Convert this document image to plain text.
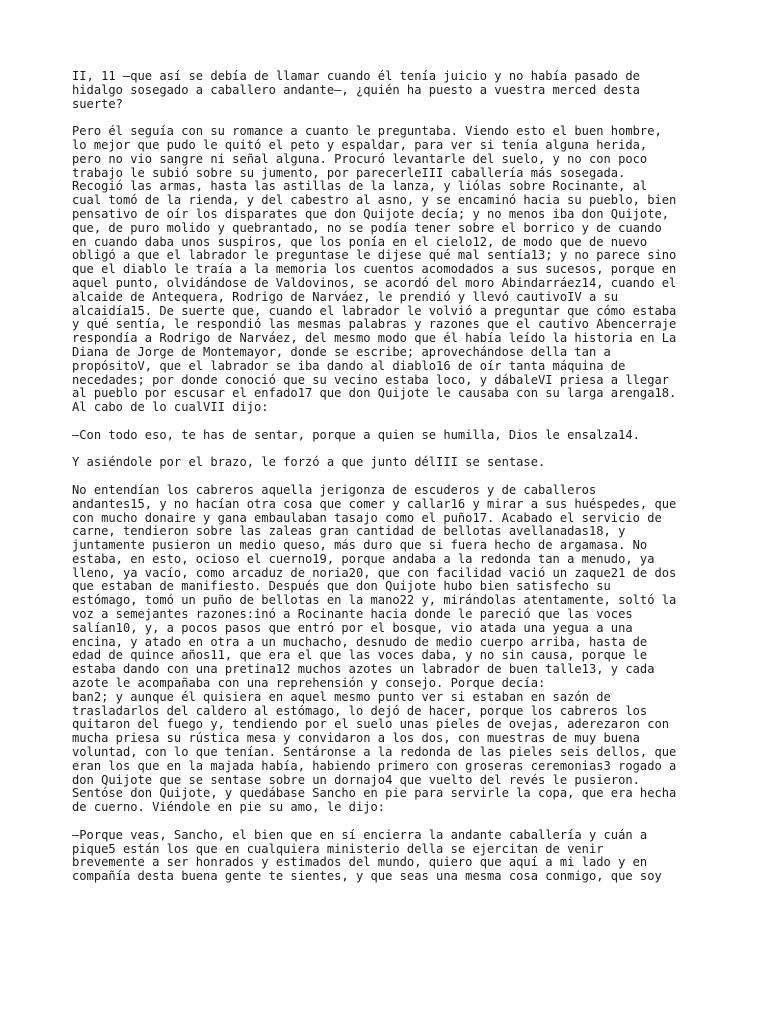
II, 11 —que así se debía de llamar cuando él tenía juicio y no había pasado de
hidalgo sosegado a caballero andante—, ¿quién ha puesto a vuestra merced desta
suerte?
Pero él seguía con su romance a cuanto le preguntaba. Viendo esto el buen hombre,
lo mejor que pudo le quitó el peto y espaldar, para ver si tenía alguna herida,
pero no vio sangre ni señal alguna. Procuró levantarle del suelo, y no con poco
trabajo le subió sobre su jumento, por parecerleIII caballería más sosegada.
Recogió las armas, hasta las astillas de la lanza, y liólas sobre Rocinante, al
cual tomó de la rienda, y del cabestro al asno, y se encaminó hacia su pueblo, bien
pensativo de oír los disparates que don Quijote decía; y no menos iba don Quijote,
que, de puro molido y quebrantado, no se podía tener sobre el borrico y de cuando
en cuando daba unos suspiros, que los ponía en el cielo12, de modo que de nuevo
obligó a que el labrador le preguntase le dijese qué mal sentía13; y no parece sino
que el diablo le traía a la memoria los cuentos acomodados a sus sucesos, porque en
aquel punto, olvidándose de Valdovinos, se acordó del moro Abindarráez14, cuando el
alcaide de Antequera, Rodrigo de Narváez, le prendió y llevó cautivoIV a su
alcaidía15. De suerte que, cuando el labrador le volvió a preguntar que cómo estaba
y qué sentía, le respondió las mesmas palabras y razones que el cautivo Abencerraje
respondía a Rodrigo de Narváez, del mesmo modo que él había leído la historia en La
Diana de Jorge de Montemayor, donde se escribe; aprovechándose della tan a
propósitoV, que el labrador se iba dando al diablo16 de oír tanta máquina de
necedades; por donde conoció que su vecino estaba loco, y dábaleVI priesa a llegar
al pueblo por escusar el enfado17 que don Quijote le causaba con su larga arenga18.
Al cabo de lo cualVII dijo:
—Con todo eso, te has de sentar, porque a quien se humilla, Dios le ensalza14.
Y asiéndole por el brazo, le forzó a que junto délIII se sentase.
No entendían los cabreros aquella jerigonza de escuderos y de caballeros
andantes15, y no hacían otra cosa que comer y callar16 y mirar a sus huéspedes, que
con mucho donaire y gana embaulaban tasajo como el puño17. Acabado el servicio de
carne, tendieron sobre las zaleas gran cantidad de bellotas avellanadas18, y
juntamente pusieron un medio queso, más duro que si fuera hecho de argamasa. No
estaba, en esto, ocioso el cuerno19, porque andaba a la redonda tan a menudo, ya
lleno, ya vacío, como arcaduz de noria20, que con facilidad vació un zaque21 de dos
que estaban de manifiesto. Después que don Quijote hubo bien satisfecho su
estómago, tomó un puño de bellotas en la mano22 y, mirándolas atentamente, soltó la
voz a semejantes razones:inó a Rocinante hacia donde le pareció que las voces
salían10, y, a pocos pasos que entró por el bosque, vio atada una yegua a una
encina, y atado en otra a un muchacho, desnudo de medio cuerpo arriba, hasta de
edad de quince años11, que era el que las voces daba, y no sin causa, porque le
estaba dando con una pretina12 muchos azotes un labrador de buen talle13, y cada
azote le acompañaba con una reprehensión y consejo. Porque decía:
ban2; y aunque él quisiera en aquel mesmo punto ver si estaban en sazón de
trasladarlos del caldero al estómago, lo dejó de hacer, porque los cabreros los
quitaron del fuego y, tendiendo por el suelo unas pieles de ovejas, aderezaron con
mucha priesa su rústica mesa y convidaron a los dos, con muestras de muy buena
voluntad, con lo que tenían. Sentáronse a la redonda de las pieles seis dellos, que
eran los que en la majada había, habiendo primero con groseras ceremonias3 rogado a
don Quijote que se sentase sobre un dornajo4 que vuelto del revés le pusieron.
Sentóse don Quijote, y quedábase Sancho en pie para servirle la copa, que era hecha
de cuerno. Viéndole en pie su amo, le dijo:
—Porque veas, Sancho, el bien que en sí encierra la andante caballería y cuán a
pique5 están los que en cualquiera ministerio della se ejercitan de venir
brevemente a ser honrados y estimados del mundo, quiero que aquí a mi lado y en
compañía desta buena gente te sientes, y que seas una mesma cosa conmigo, que soy
